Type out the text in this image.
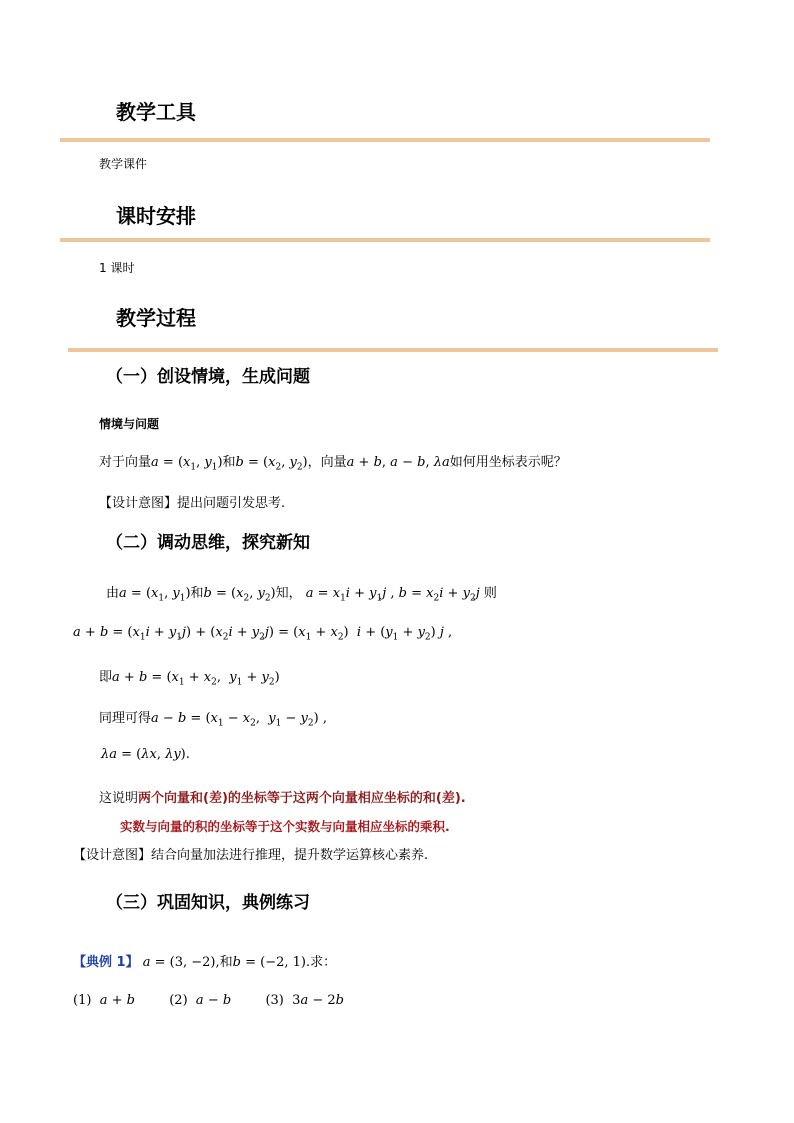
教学工具
教学课件
课时安排
1 课时
教学过程
（一）创设情境，生成问题
情境与问题
对于向量$a = (x_1$, $y_1$)和$b = (x_2$, $y_2$)，向量a + b, a − b, λa如何用坐标表示呢？
【设计意图】提出问题引发思考.
（二）调动思维，探究新知
由$a = (x_1$, $y_1$)和$b = (x_2$, $y_2$)知， $a = x_1i + y_1j$ , $b = x_2i + y_2j$ 则
$a + b = (x_1i + y_1j) + (x_2i + y_2j) = (x_1 + x_2) i + (y_1 + y_2)$ j ,
即$a + b = (x_1 + x_2$,  $y_1 + y_2$)
同理可得$a - b = (x_1 - x_2$,  $y_1 - y_2$) ,
λa = (λx, λy).
这说明两个向量和(差)的坐标等于这两个向量相应坐标的和(差).
实数与向量的积的坐标等于这个实数与向量相应坐标的乘积.
【设计意图】结合向量加法进行推理，提升数学运算核心素养.
（三）巩固知识，典例练习
【典例 1】 a = (3, −2),和b = (−2, 1).求：
(1) a + b	(2) a − b	(3)  3a − 2b
